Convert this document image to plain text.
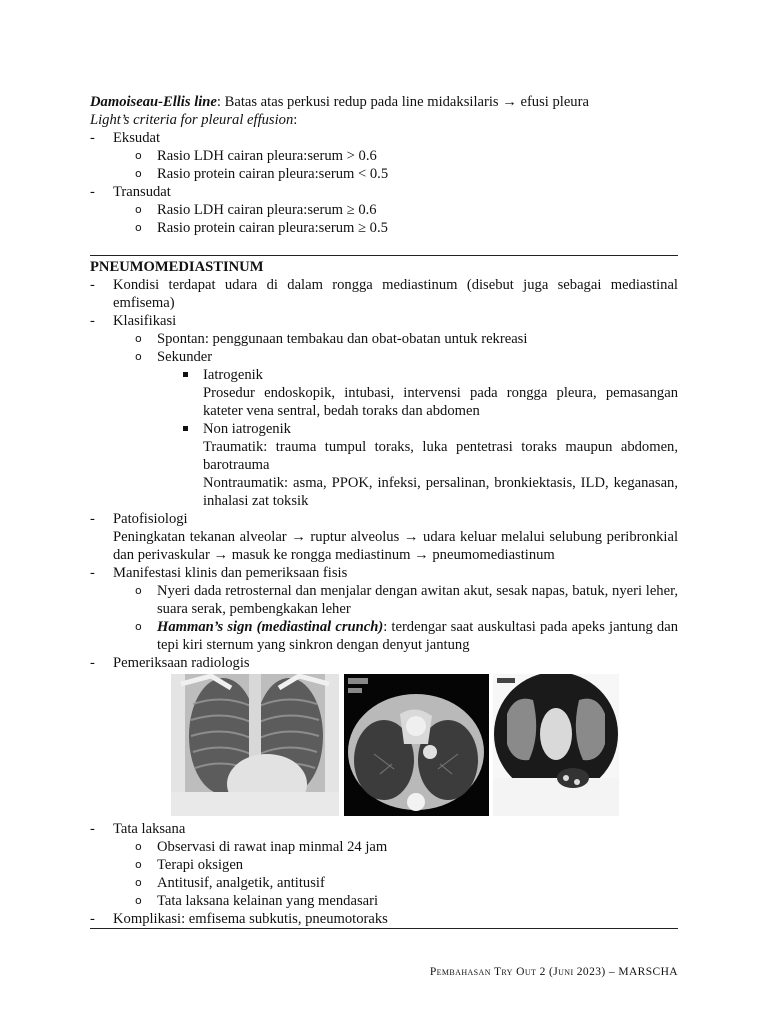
Damoiseau-Ellis line: Batas atas perkusi redup pada line midaksilaris → efusi pleura
Light’s criteria for pleural effusion:
- Eksudat
o Rasio LDH cairan pleura:serum > 0.6
o Rasio protein cairan pleura:serum < 0.5
- Transudat
o Rasio LDH cairan pleura:serum ≥ 0.6
o Rasio protein cairan pleura:serum ≥ 0.5
PNEUMOMEDIASTINUM
- Kondisi terdapat udara di dalam rongga mediastinum (disebut juga sebagai mediastinal emfisema)
- Klasifikasi
o Spontan: penggunaan tembakau dan obat-obatan untuk rekreasi
o Sekunder
Iatrogenik
Prosedur endoskopik, intubasi, intervensi pada rongga pleura, pemasangan kateter vena sentral, bedah toraks dan abdomen
Non iatrogenik
Traumatik: trauma tumpul toraks, luka pentetrasi toraks maupun abdomen, barotrauma
Nontraumatik: asma, PPOK, infeksi, persalinan, bronkiektasis, ILD, keganasan, inhalasi zat toksik
- Patofisiologi
Peningkatan tekanan alveolar → ruptur alveolus → udara keluar melalui selubung peribronkial dan perivaskular → masuk ke rongga mediastinum → pneumomediastinum
- Manifestasi klinis dan pemeriksaan fisis
o Nyeri dada retrosternal dan menjalar dengan awitan akut, sesak napas, batuk, nyeri leher, suara serak, pembengkakan leher
o Hamman’s sign (mediastinal crunch): terdengar saat auskultasi pada apeks jantung dan tepi kiri sternum yang sinkron dengan denyut jantung
- Pemeriksaan radiologis
- Tata laksana
o Observasi di rawat inap minmal 24 jam
o Terapi oksigen
o Antitusif, analgetik, antitusif
o Tata laksana kelainan yang mendasari
- Komplikasi: emfisema subkutis, pneumotoraks
Pembahasan Try Out 2 (Juni 2023) – MARSCHA
